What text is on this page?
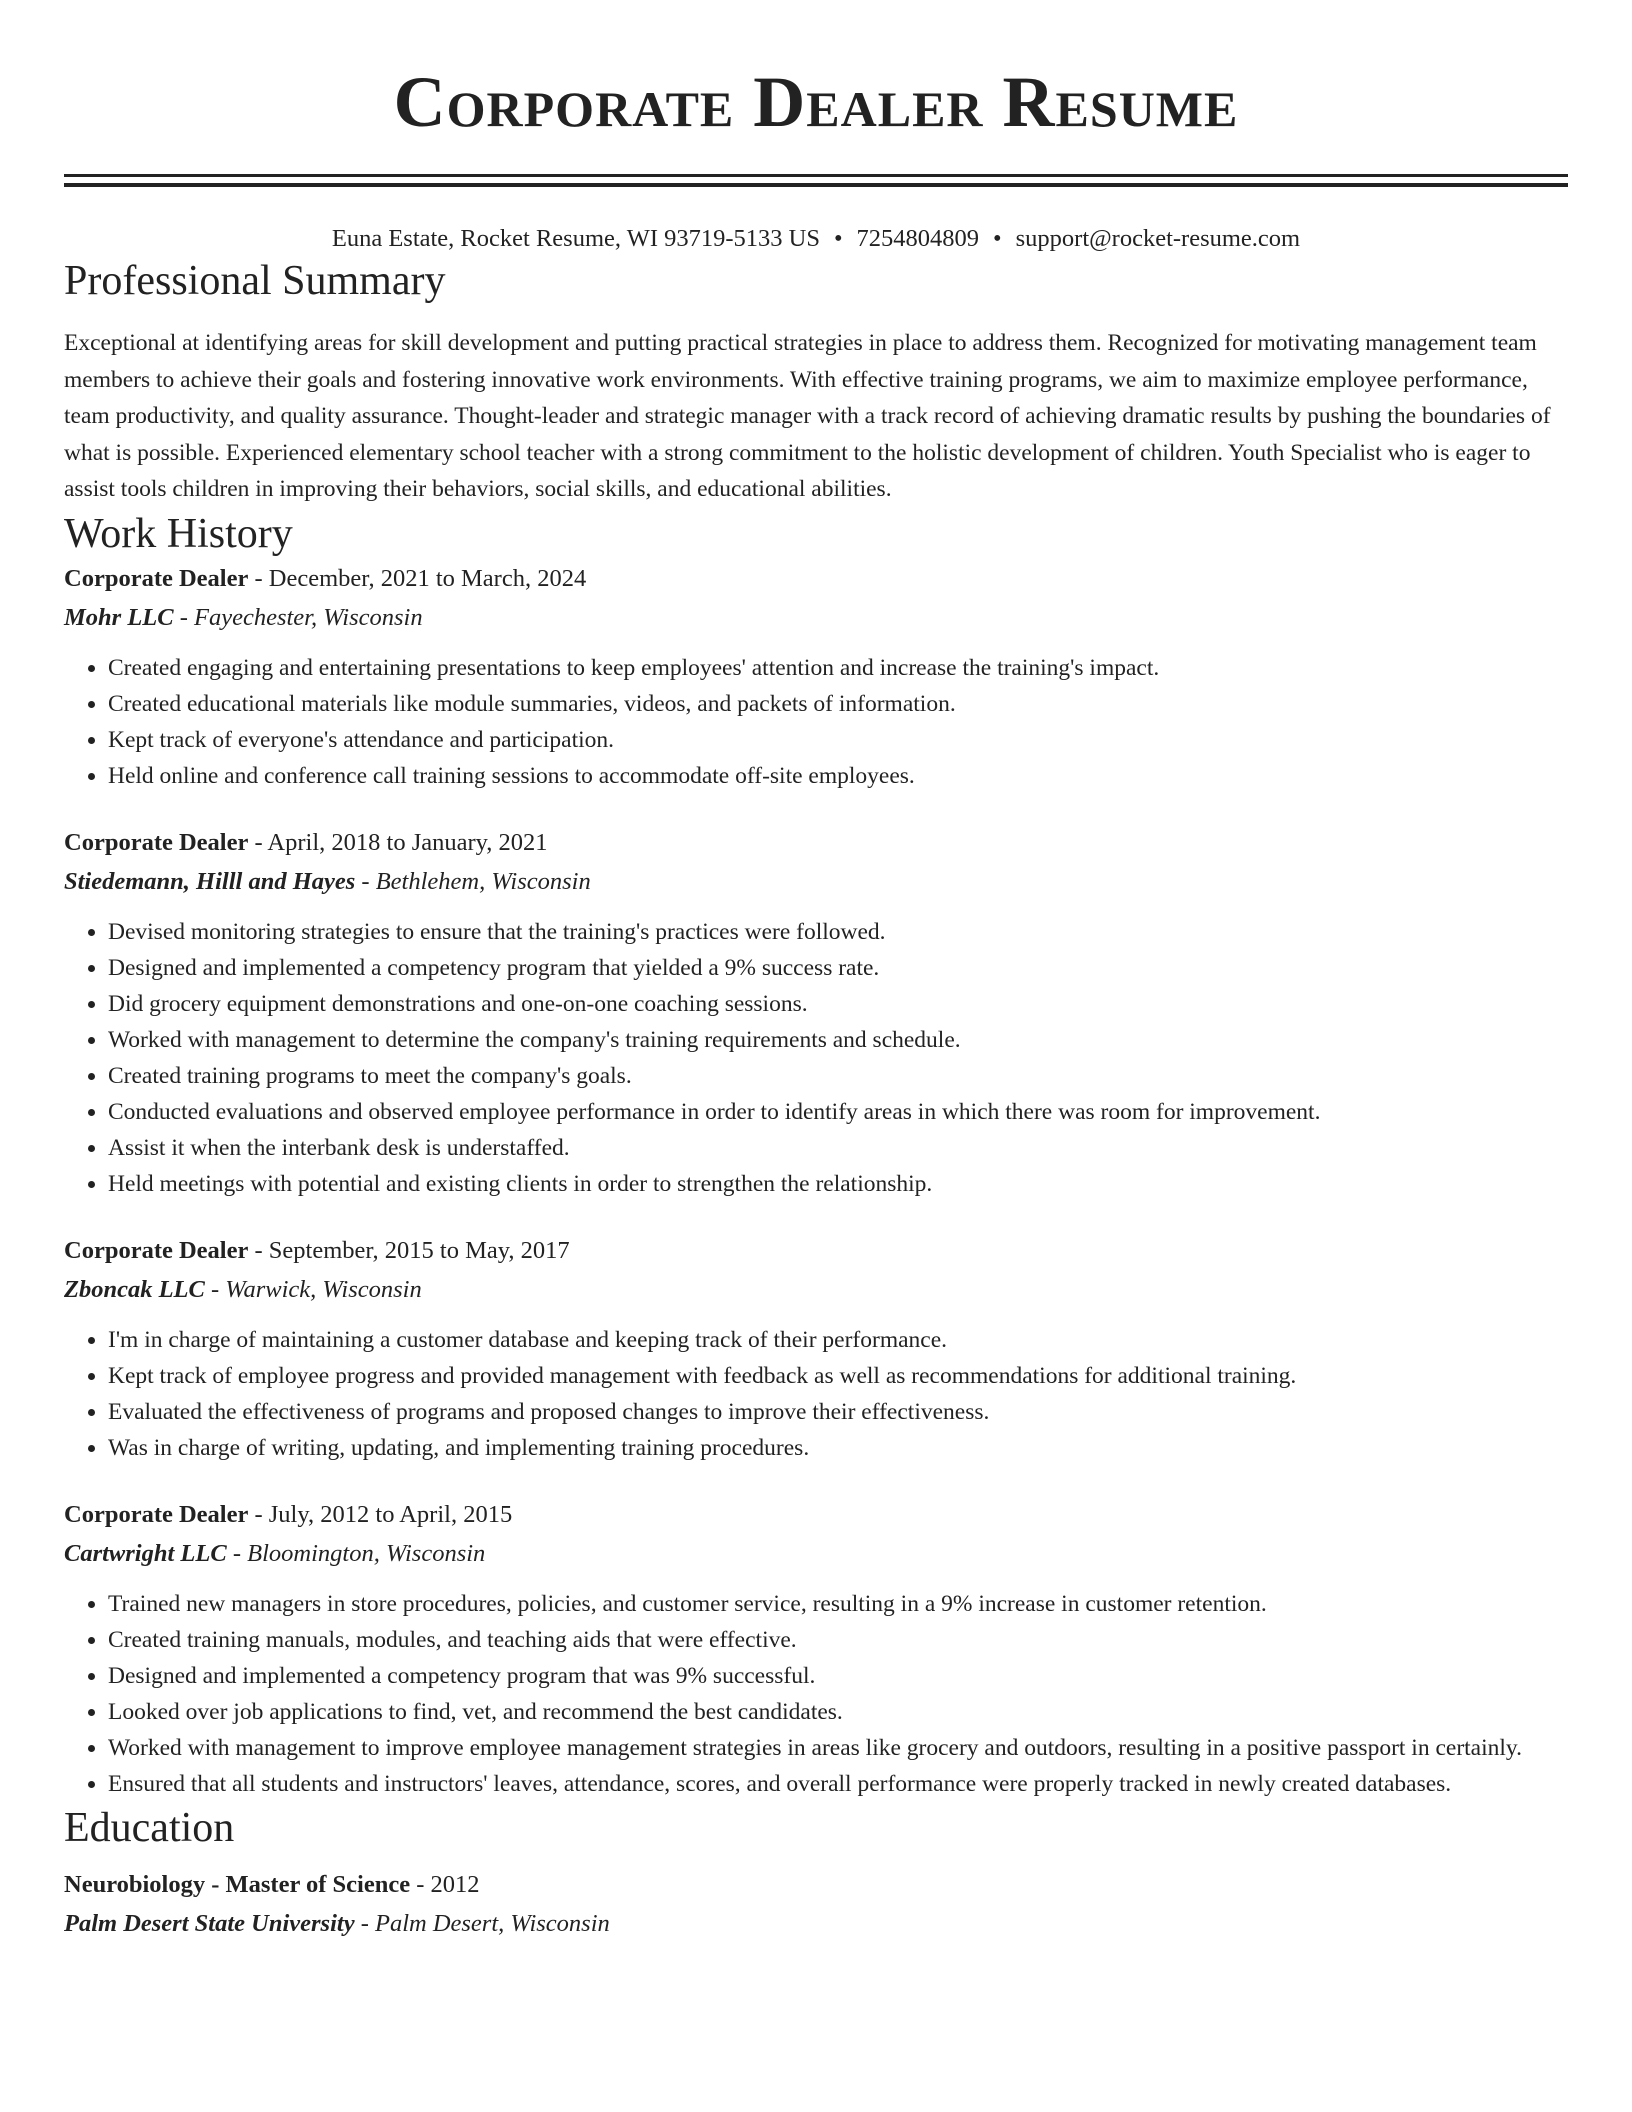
Corporate Dealer Resume
Euna Estate, Rocket Resume, WI 93719-5133 US • 7254804809 • support@rocket-resume.com
Professional Summary

Exceptional at identifying areas for skill development and putting practical strategies in place to address them. Recognized for motivating management team members to achieve their goals and fostering innovative work environments. With effective training programs, we aim to maximize employee performance, team productivity, and quality assurance. Thought-leader and strategic manager with a track record of achieving dramatic results by pushing the boundaries of what is possible. Experienced elementary school teacher with a strong commitment to the holistic development of children. Youth Specialist who is eager to assist tools children in improving their behaviors, social skills, and educational abilities.

Work History
Corporate Dealer - December, 2021 to March, 2024
Mohr LLC - Fayechester, Wisconsin
• Created engaging and entertaining presentations to keep employees' attention and increase the training's impact.
• Created educational materials like module summaries, videos, and packets of information.
• Kept track of everyone's attendance and participation.
• Held online and conference call training sessions to accommodate off-site employees.
Corporate Dealer - April, 2018 to January, 2021
Stiedemann, Hilll and Hayes - Bethlehem, Wisconsin
• Devised monitoring strategies to ensure that the training's practices were followed.
• Designed and implemented a competency program that yielded a 9% success rate.
• Did grocery equipment demonstrations and one-on-one coaching sessions.
• Worked with management to determine the company's training requirements and schedule.
• Created training programs to meet the company's goals.
• Conducted evaluations and observed employee performance in order to identify areas in which there was room for improvement.
• Assist it when the interbank desk is understaffed.
• Held meetings with potential and existing clients in order to strengthen the relationship.
Corporate Dealer - September, 2015 to May, 2017
Zboncak LLC - Warwick, Wisconsin
• I'm in charge of maintaining a customer database and keeping track of their performance.
• Kept track of employee progress and provided management with feedback as well as recommendations for additional training.
• Evaluated the effectiveness of programs and proposed changes to improve their effectiveness.
• Was in charge of writing, updating, and implementing training procedures.
Corporate Dealer - July, 2012 to April, 2015
Cartwright LLC - Bloomington, Wisconsin
• Trained new managers in store procedures, policies, and customer service, resulting in a 9% increase in customer retention.
• Created training manuals, modules, and teaching aids that were effective.
• Designed and implemented a competency program that was 9% successful.
• Looked over job applications to find, vet, and recommend the best candidates.
• Worked with management to improve employee management strategies in areas like grocery and outdoors, resulting in a positive passport in certainly.
• Ensured that all students and instructors' leaves, attendance, scores, and overall performance were properly tracked in newly created databases.
Education
Neurobiology - Master of Science - 2012
Palm Desert State University - Palm Desert, Wisconsin
